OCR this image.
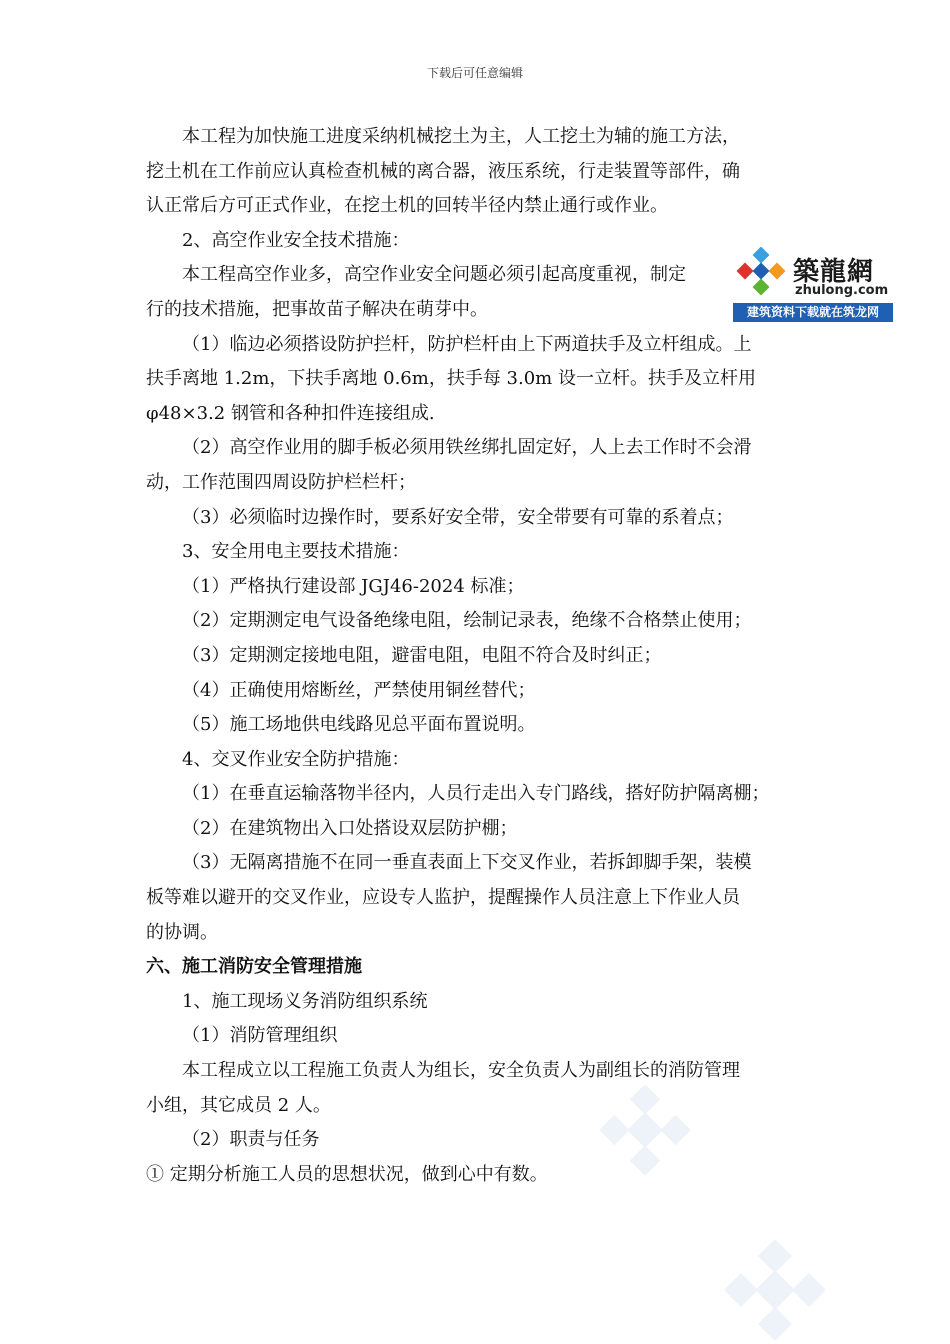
下载后可任意编辑
本工程为加快施工进度采纳机械挖土为主，人工挖土为辅的施工方法，
挖土机在工作前应认真检查机械的离合器，液压系统，行走装置等部件，确
认正常后方可正式作业，在挖土机的回转半径内禁止通行或作业。
2、高空作业安全技术措施：
本工程高空作业多，高空作业安全问题必须引起高度重视，制定
行的技术措施，把事故苗子解决在萌芽中。
（1）临边必须搭设防护拦杆，防护栏杆由上下两道扶手及立杆组成。上
扶手离地 1.2m，下扶手离地 0.6m，扶手每 3.0m 设一立杆。扶手及立杆用
φ48×3.2 钢管和各种扣件连接组成.
（2）高空作业用的脚手板必须用铁丝绑扎固定好，人上去工作时不会滑
动，工作范围四周设防护栏栏杆；
（3）必须临时边操作时，要系好安全带，安全带要有可靠的系着点；
3、安全用电主要技术措施：
（1）严格执行建设部 JGJ46-2024 标准；
（2）定期测定电气设备绝缘电阻，绘制记录表，绝缘不合格禁止使用；
（3）定期测定接地电阻，避雷电阻，电阻不符合及时纠正；
（4）正确使用熔断丝，严禁使用铜丝替代；
（5）施工场地供电线路见总平面布置说明。
4、交叉作业安全防护措施：
（1）在垂直运输落物半径内，人员行走出入专门路线，搭好防护隔离棚；
（2）在建筑物出入口处搭设双层防护棚；
（3）无隔离措施不在同一垂直表面上下交叉作业，若拆卸脚手架，装模
板等难以避开的交叉作业，应设专人监护，提醒操作人员注意上下作业人员
的协调。
六、施工消防安全管理措施
1、施工现场义务消防组织系统
（1）消防管理组织
本工程成立以工程施工负责人为组长，安全负责人为副组长的消防管理
小组，其它成员 2 人。
（2）职责与任务
① 定期分析施工人员的思想状况，做到心中有数。
築龍網
zhulong.com
建筑资料下载就在筑龙网
